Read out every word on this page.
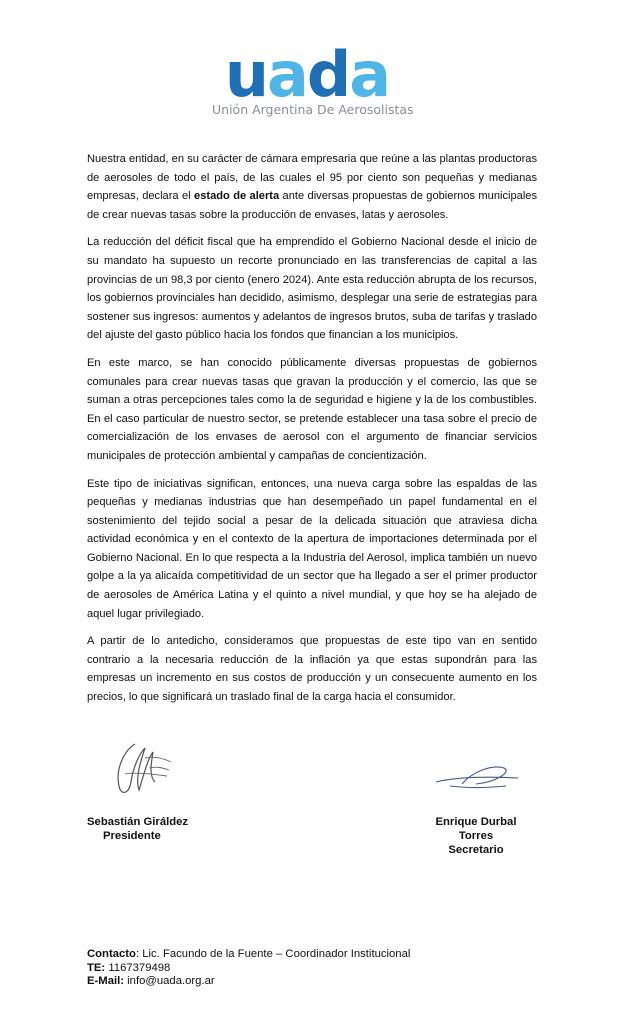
uada
Unión Argentina De Aerosolistas

Nuestra entidad, en su carácter de cámara empresaria que reúne a las plantas productoras de aerosoles de todo el país, de las cuales el 95 por ciento son pequeñas y medianas empresas, declara el estado de alerta ante diversas propuestas de gobiernos municipales de crear nuevas tasas sobre la producción de envases, latas y aerosoles.

La reducción del déficit fiscal que ha emprendido el Gobierno Nacional desde el inicio de su mandato ha supuesto un recorte pronunciado en las transferencias de capital a las provincias de un 98,3 por ciento (enero 2024). Ante esta reducción abrupta de los recursos, los gobiernos provinciales han decidido, asimismo, desplegar una serie de estrategias para sostener sus ingresos: aumentos y adelantos de ingresos brutos, suba de tarifas y traslado del ajuste del gasto público hacia los fondos que financian a los municipios.

En este marco, se han conocido públicamente diversas propuestas de gobiernos comunales para crear nuevas tasas que gravan la producción y el comercio, las que se suman a otras percepciones tales como la de seguridad e higiene y la de los combustibles. En el caso particular de nuestro sector, se pretende establecer una tasa sobre el precio de comercialización de los envases de aerosol con el argumento de financiar servicios municipales de protección ambiental y campañas de concientización.

Este tipo de iniciativas significan, entonces, una nueva carga sobre las espaldas de las pequeñas y medianas industrias que han desempeñado un papel fundamental en el sostenimiento del tejido social a pesar de la delicada situación que atraviesa dicha actividad económica y en el contexto de la apertura de importaciones determinada por el Gobierno Nacional. En lo que respecta a la Industria del Aerosol, implica también un nuevo golpe a la ya alicaída competitividad de un sector que ha llegado a ser el primer productor de aerosoles de América Latina y el quinto a nivel mundial, y que hoy se ha alejado de aquel lugar privilegiado.

A partir de lo antedicho, consideramos que propuestas de este tipo van en sentido contrario a la necesaria reducción de la inflación ya que estas supondrán para las empresas un incremento en sus costos de producción y un consecuente aumento en los precios, lo que significará un traslado final de la carga hacia el consumidor.

Sebastián Giráldez
Presidente
Enrique Durbal Torres
Secretario
Contacto: Lic. Facundo de la Fuente – Coordinador Institucional
TE: 1167379498
E-Mail: info@uada.org.ar
